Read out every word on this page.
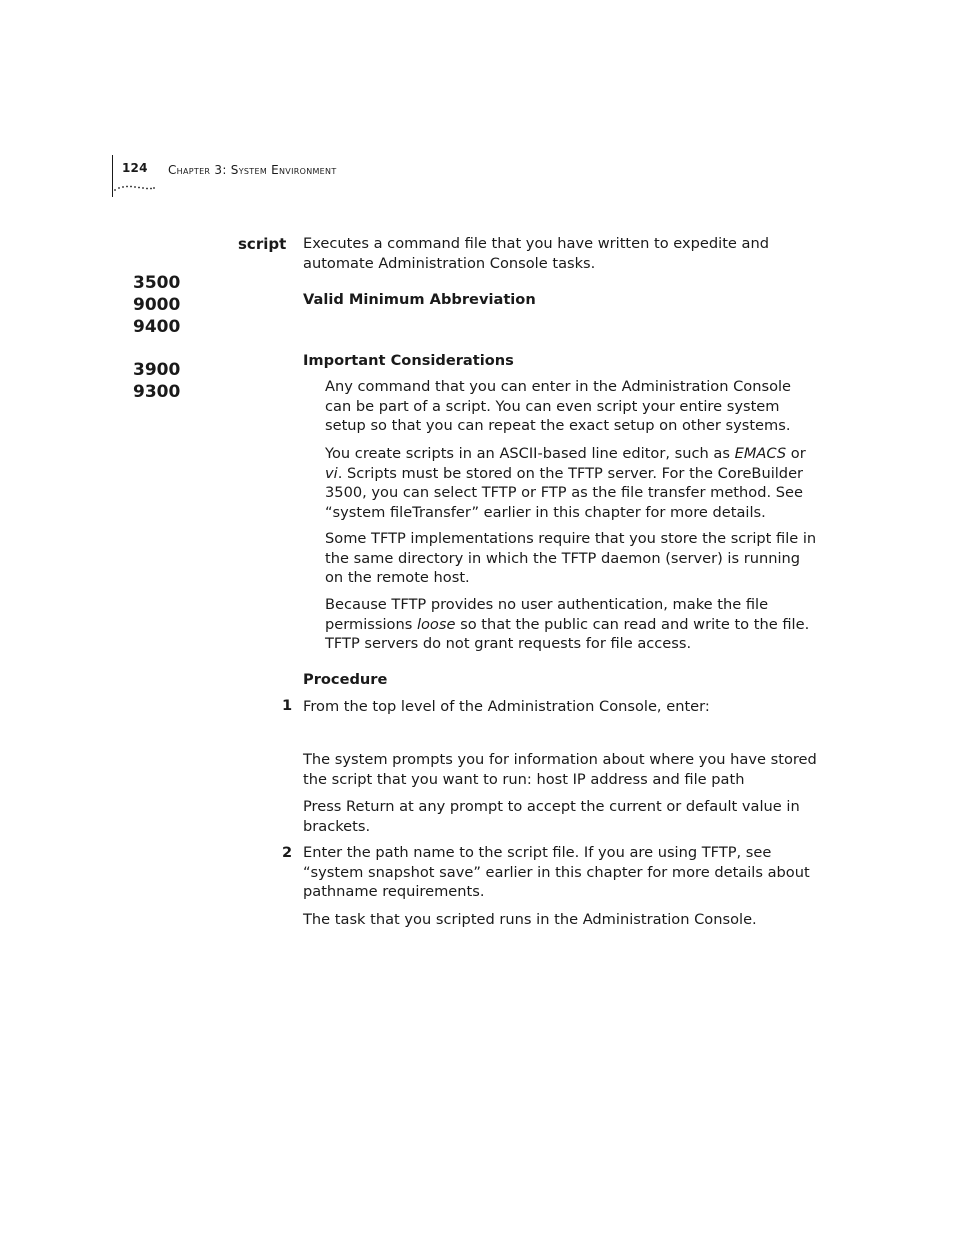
124 Chapter 3: System Environment
script
3500
9000
9400
3900
9300
Executes a command file that you have written to expedite and automate Administration Console tasks.
Valid Minimum Abbreviation
Important Considerations
Any command that you can enter in the Administration Console can be part of a script. You can even script your entire system setup so that you can repeat the exact setup on other systems.
You create scripts in an ASCII-based line editor, such as EMACS or vi. Scripts must be stored on the TFTP server. For the CoreBuilder 3500, you can select TFTP or FTP as the file transfer method. See “system fileTransfer” earlier in this chapter for more details.
Some TFTP implementations require that you store the script file in the same directory in which the TFTP daemon (server) is running on the remote host.
Because TFTP provides no user authentication, make the file permissions loose so that the public can read and write to the file. TFTP servers do not grant requests for file access.
Procedure
1 From the top level of the Administration Console, enter:
The system prompts you for information about where you have stored the script that you want to run: host IP address and file path
Press Return at any prompt to accept the current or default value in brackets.
2 Enter the path name to the script file. If you are using TFTP, see “system snapshot save” earlier in this chapter for more details about pathname requirements.
The task that you scripted runs in the Administration Console.
